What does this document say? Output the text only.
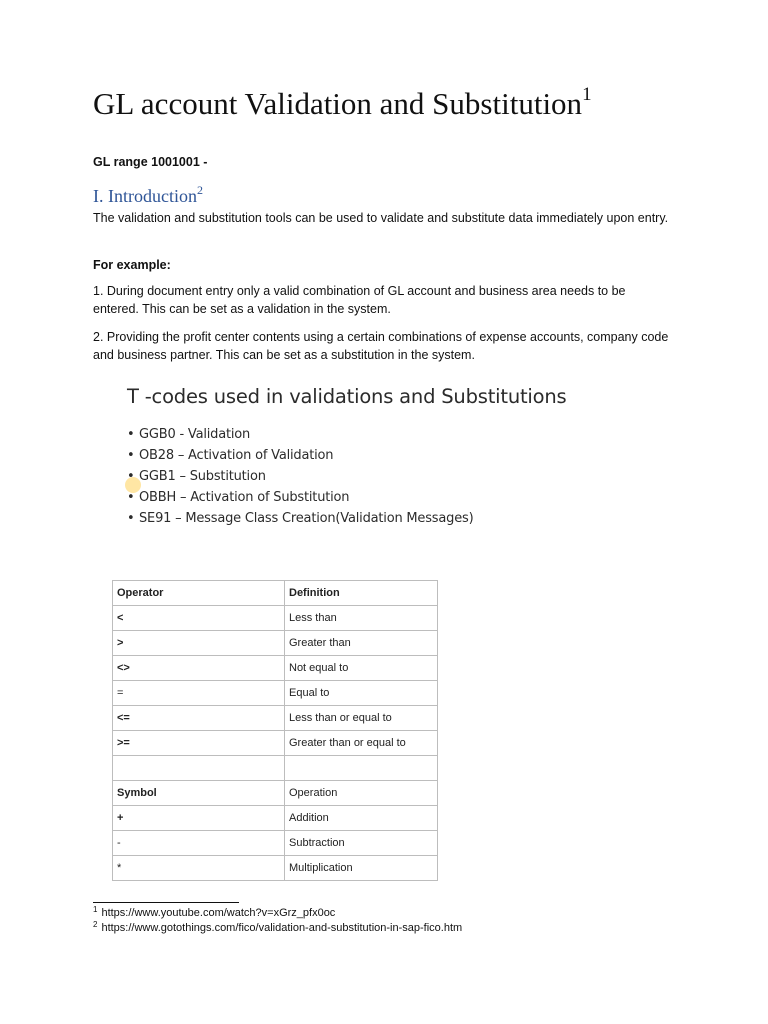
GL account Validation and Substitution$^1$
GL range 1001001 -
I. Introduction$^2$

The validation and substitution tools can be used to validate and substitute data immediately upon entry.

For example:

1. During document entry only a valid combination of GL account and business area needs to be entered. This can be set as a validation in the system.

2. Providing the profit center contents using a certain combinations of expense accounts, company code and business partner. This can be set as a substitution in the system.

T -codes used in validations and Substitutions
• GGB0 - Validation
• OB28 – Activation of Validation
• GGB1 – Substitution
• OBBH – Activation of Substitution
• SE91 – Message Class Creation(Validation Messages)
Operator	Definition
<	Less than
>	Greater than
<>	Not equal to
=	Equal to
<=	Less than or equal to
>=	Greater than or equal to

Symbol	Operation
+	Addition
-	Subtraction
*	Multiplication
$^1$ https://www.youtube.com/watch?v=xGrz_pfx0oc
$^2$ https://www.gotothings.com/fico/validation-and-substitution-in-sap-fico.htm
